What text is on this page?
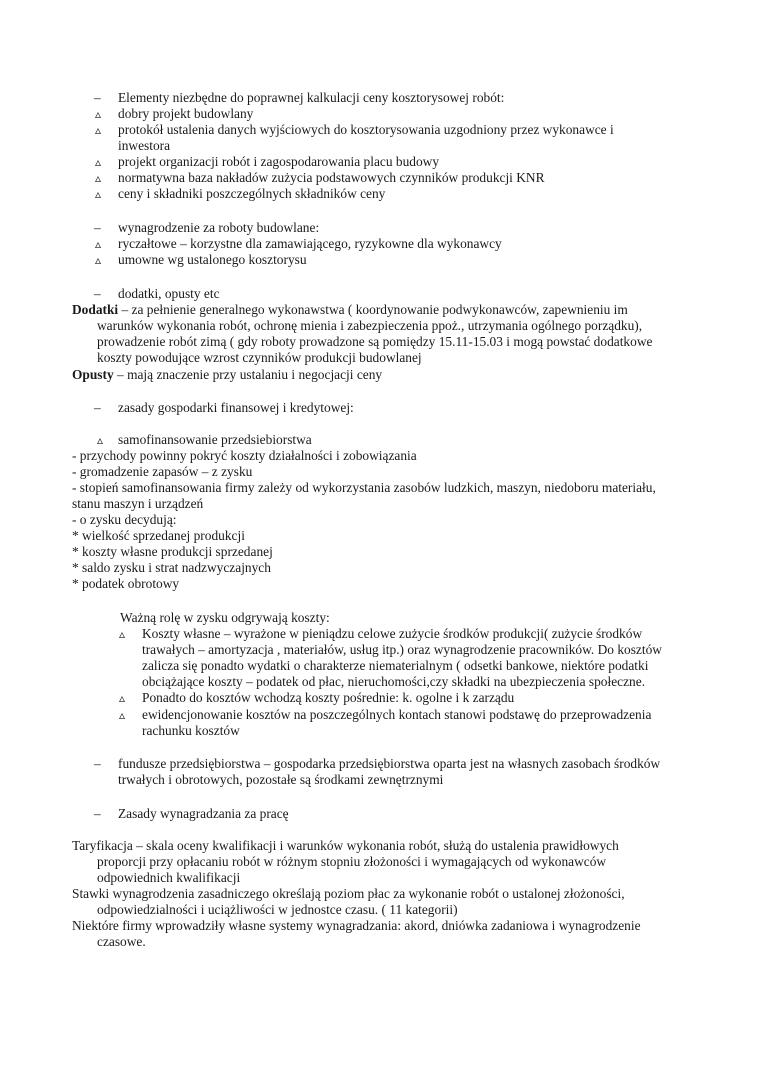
– Elementy niezbędne do poprawnej kalkulacji ceny kosztorysowej robót:
▵ dobry projekt budowlany
▵ protokół ustalenia danych wyjściowych do kosztorysowania uzgodniony przez wykonawce i
inwestora
▵ projekt organizacji robót i zagospodarowania placu budowy
▵ normatywna baza nakładów zużycia podstawowych czynników produkcji KNR
▵ ceny i składniki poszczególnych składników ceny
– wynagrodzenie za roboty budowlane:
▵ ryczałtowe – korzystne dla zamawiającego, ryzykowne dla wykonawcy
▵ umowne wg ustalonego kosztorysu
– dodatki, opusty etc
Dodatki – za pełnienie generalnego wykonawstwa ( koordynowanie podwykonawców, zapewnieniu im
warunków wykonania robót, ochronę mienia i zabezpieczenia ppoż., utrzymania ogólnego porządku),
prowadzenie robót zimą ( gdy roboty prowadzone są pomiędzy 15.11-15.03 i mogą powstać dodatkowe
koszty powodujące wzrost czynników produkcji budowlanej
Opusty – mają znaczenie przy ustalaniu i negocjacji ceny
– zasady gospodarki finansowej i kredytowej:
▵ samofinansowanie przedsiebiorstwa
- przychody powinny pokryć koszty działalności i zobowiązania
- gromadzenie zapasów – z zysku
- stopień samofinansowania firmy zależy od wykorzystania zasobów ludzkich, maszyn, niedoboru materiału,
stanu maszyn i urządzeń
- o zysku decydują:
* wielkość sprzedanej produkcji
* koszty własne produkcji sprzedanej
* saldo zysku i strat nadzwyczajnych
* podatek obrotowy
Ważną rolę w zysku odgrywają koszty:
▵ Koszty własne – wyrażone w pieniądzu celowe zużycie środków produkcji( zużycie środków
trawałych – amortyzacja , materiałów, usług itp.) oraz wynagrodzenie pracowników. Do kosztów
zalicza się ponadto wydatki o charakterze niematerialnym ( odsetki bankowe, niektóre podatki
obciążające koszty – podatek od płac, nieruchomości,czy składki na ubezpieczenia społeczne.
▵ Ponadto do kosztów wchodzą koszty pośrednie: k. ogolne i k zarządu
▵ ewidencjonowanie kosztów na poszczególnych kontach stanowi podstawę do przeprowadzenia
rachunku kosztów
– fundusze przedsiębiorstwa – gospodarka przedsiębiorstwa oparta jest na własnych zasobach środków
trwałych i obrotowych, pozostałe są środkami zewnętrznymi
– Zasady wynagradzania za pracę
Taryfikacja – skala oceny kwalifikacji i warunków wykonania robót, służą do ustalenia prawidłowych
proporcji przy opłacaniu robót w różnym stopniu złożoności i wymagających od wykonawców
odpowiednich kwalifikacji
Stawki wynagrodzenia zasadniczego określają poziom płac za wykonanie robót o ustalonej złożoności,
odpowiedzialności i uciążliwości w jednostce czasu. ( 11 kategorii)
Niektóre firmy wprowadziły własne systemy wynagradzania: akord, dniówka zadaniowa i wynagrodzenie
czasowe.
